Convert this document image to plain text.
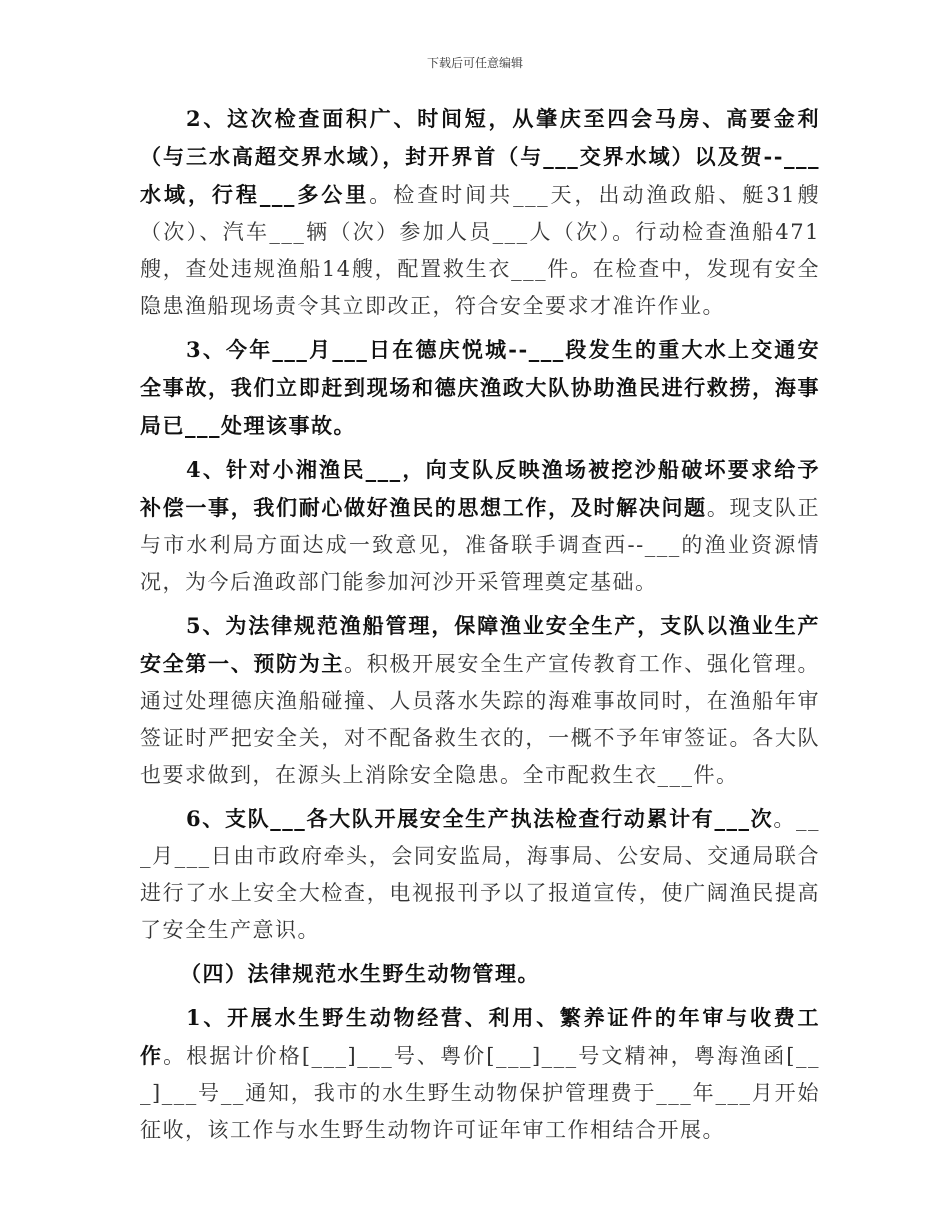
下载后可任意编辑

2、这次检查面积广、时间短，从肇庆至四会马房、高要金利（与三水高超交界水域），封开界首（与___交界水域）以及贺--___水域，行程___多公里。检查时间共___天，出动渔政船、艇31艘（次）、汽车___辆（次）参加人员___人（次）。行动检查渔船471艘，查处违规渔船14艘，配置救生衣___件。在检查中，发现有安全隐患渔船现场责令其立即改正，符合安全要求才准许作业。

3、今年___月___日在德庆悦城--___段发生的重大水上交通安全事故，我们立即赶到现场和德庆渔政大队协助渔民进行救捞，海事局已___处理该事故。

4、针对小湘渔民___，向支队反映渔场被挖沙船破坏要求给予补偿一事，我们耐心做好渔民的思想工作，及时解决问题。现支队正与市水利局方面达成一致意见，准备联手调查西--___的渔业资源情况，为今后渔政部门能参加河沙开采管理奠定基础。

5、为法律规范渔船管理，保障渔业安全生产，支队以渔业生产安全第一、预防为主。积极开展安全生产宣传教育工作、强化管理。通过处理德庆渔船碰撞、人员落水失踪的海难事故同时，在渔船年审签证时严把安全关，对不配备救生衣的，一概不予年审签证。各大队也要求做到，在源头上消除安全隐患。全市配救生衣___件。

6、支队___各大队开展安全生产执法检查行动累计有___次。___月___日由市政府牵头，会同安监局，海事局、公安局、交通局联合进行了水上安全大检查，电视报刊予以了报道宣传，使广阔渔民提高了安全生产意识。

（四）法律规范水生野生动物管理。

1、开展水生野生动物经营、利用、繁养证件的年审与收费工作。根据计价格[___]___号、粤价[___]___号文精神，粤海渔函[___]___号__通知，我市的水生野生动物保护管理费于___年___月开始征收，该工作与水生野生动物许可证年审工作相结合开展。
